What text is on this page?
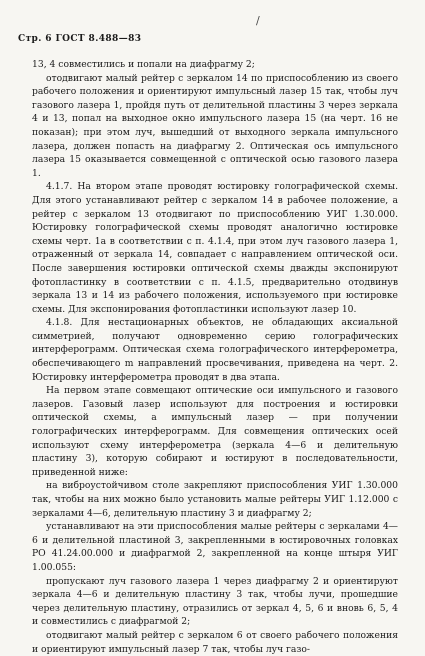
/
Стр. 6 ГОСТ 8.488—83

13, 4 совместились и попали на диафрагму 2;

отодвигают малый рейтер с зеркалом 14 по приспособлению из своего рабочего положения и ориентируют импульсный лазер 15 так, чтобы луч газового лазера 1, пройдя путь от делительной пластины 3 через зеркала 4 и 13, попал на выходное окно импульсного лазера 15 (на черт. 16 не показан); при этом луч, вышедший от выходного зеркала импульсного лазера, должен попасть на диафрагму 2. Оптическая ось импульсного лазера 15 оказывается совмещенной с оптической осью газового лазера 1.

4.1.7. На втором этапе проводят юстировку голографической схемы. Для этого устанавливают рейтер с зеркалом 14 в рабочее положение, а рейтер с зеркалом 13 отодвигают по приспособлению УИГ 1.30.000. Юстировку голографической схемы проводят аналогично юстировке схемы черт. 1а в соответствии с п. 4.1.4, при этом луч газового лазера 1, отраженный от зеркала 14, совпадает с направлением оптической оси. После завершения юстировки оптической схемы дважды экспонируют фотопластинку в соответствии с п. 4.1.5, предварительно отодвинув зеркала 13 и 14 из рабочего положения, используемого при юстировке схемы. Для экспонирования фотопластинки используют лазер 10.

4.1.8. Для нестационарных объектов, не обладающих аксиальной симметрией, получают одновременно серию голографических интерферограмм. Оптическая схема голографического интерферометра, обеспечивающего m направлений просвечивания, приведена на черт. 2. Юстировку интерферометра проводят в два этапа.

На первом этапе совмещают оптические оси импульсного и газового лазеров. Газовый лазер используют для построения и юстировки оптической схемы, а импульсный лазер — при получении голографических интерферограмм. Для совмещения оптических осей используют схему интерферометра (зеркала 4—6 и делительную пластину 3), которую собирают и юстируют в последовательности, приведенной ниже:

на виброустойчивом столе закрепляют приспособления УИГ 1.30.000 так, чтобы на них можно было установить малые рейтеры УИГ 1.12.000 с зеркалами 4—6, делительную пластину 3 и диафрагму 2;

устанавливают на эти приспособления малые рейтеры с зеркалами 4—6 и делительной пластиной 3, закрепленными в юстировочных головках РО 41.24.00.000 и диафрагмой 2, закрепленной на конце штыря УИГ 1.00.055:

пропускают луч газового лазера 1 через диафрагму 2 и ориентируют зеркала 4—6 и делительную пластину 3 так, чтобы лучи, прошедшие через делительную пластину, отразились от зеркал 4, 5, 6 и вновь 6, 5, 4 и совместились с диафрагмой 2;

отодвигают малый рейтер с зеркалом 6 от своего рабочего положения и ориентируют импульсный лазер 7 так, чтобы луч газо-
